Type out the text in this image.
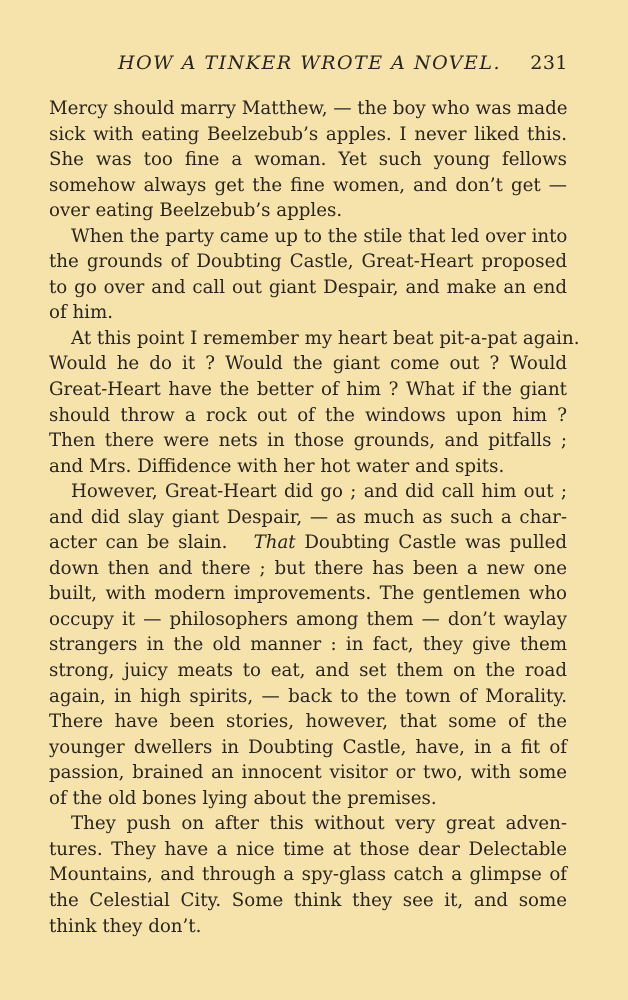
HOW A TINKER WROTE A NOVEL. 231
Mercy should marry Matthew, — the boy who was made
sick with eating Beelzebub’s apples. I never liked this.
She was too fine a woman. Yet such young fellows
somehow always get the fine women, and don’t get —
over eating Beelzebub’s apples.
When the party came up to the stile that led over into
the grounds of Doubting Castle, Great-Heart proposed
to go over and call out giant Despair, and make an end
of him.
At this point I remember my heart beat pit-a-pat again.
Would he do it ? Would the giant come out ? Would
Great-Heart have the better of him ? What if the giant
should throw a rock out of the windows upon him ?
Then there were nets in those grounds, and pitfalls ;
and Mrs. Diffidence with her hot water and spits.
However, Great-Heart did go ; and did call him out ;
and did slay giant Despair, — as much as such a char-
acter can be slain. That Doubting Castle was pulled
down then and there ; but there has been a new one
built, with modern improvements. The gentlemen who
occupy it — philosophers among them — don’t waylay
strangers in the old manner : in fact, they give them
strong, juicy meats to eat, and set them on the road
again, in high spirits, — back to the town of Morality.
There have been stories, however, that some of the
younger dwellers in Doubting Castle, have, in a fit of
passion, brained an innocent visitor or two, with some
of the old bones lying about the premises.
They push on after this without very great adven-
tures. They have a nice time at those dear Delectable
Mountains, and through a spy-glass catch a glimpse of
the Celestial City. Some think they see it, and some
think they don’t.
